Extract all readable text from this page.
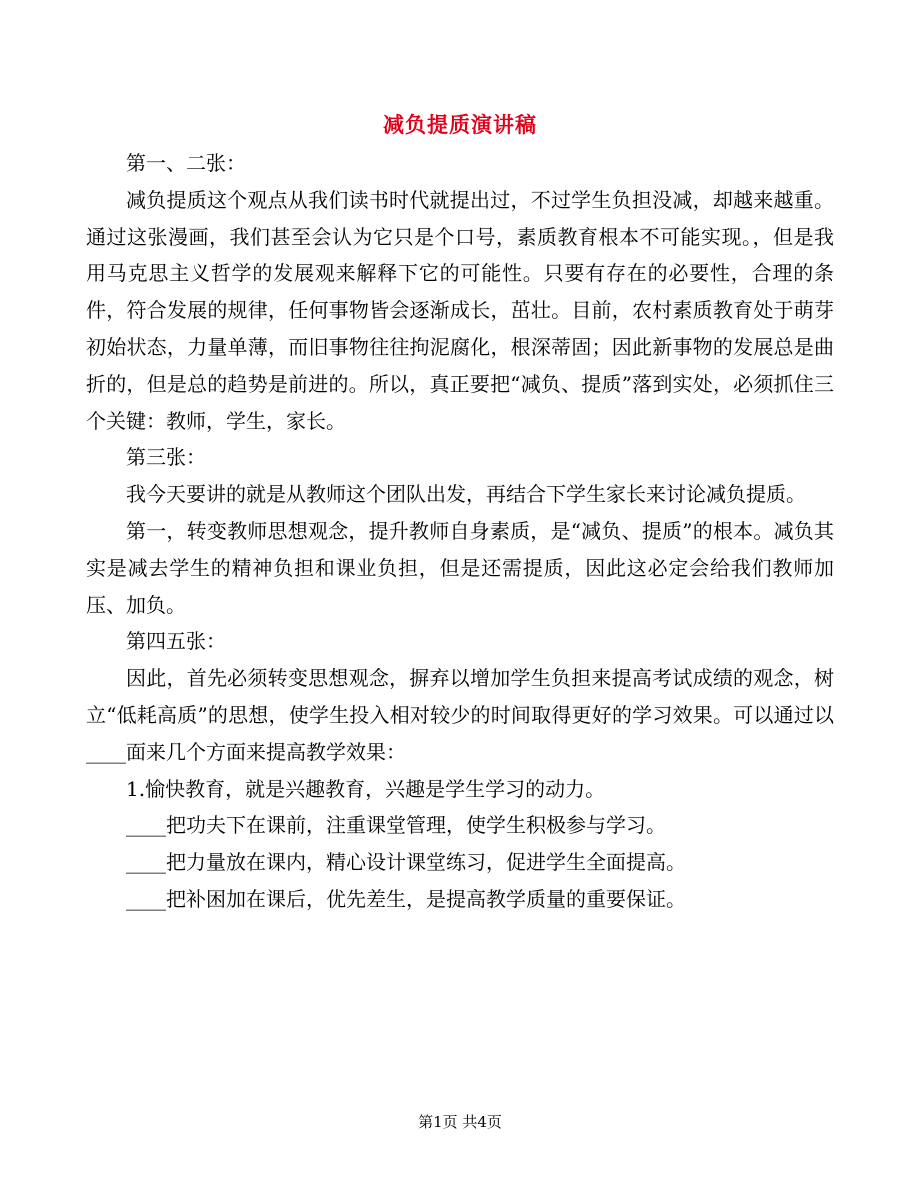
减负提质演讲稿

第一、二张：

减负提质这个观点从我们读书时代就提出过，不过学生负担没减，却越来越重。通过这张漫画，我们甚至会认为它只是个口号，素质教育根本不可能实现。，但是我用马克思主义哲学的发展观来解释下它的可能性。只要有存在的必要性，合理的条件，符合发展的规律，任何事物皆会逐渐成长，茁壮。目前，农村素质教育处于萌芽初始状态，力量单薄，而旧事物往往拘泥腐化，根深蒂固；因此新事物的发展总是曲折的，但是总的趋势是前进的。所以，真正要把“减负、提质”落到实处，必须抓住三个关键：教师，学生，家长。

第三张：

我今天要讲的就是从教师这个团队出发，再结合下学生家长来讨论减负提质。

第一，转变教师思想观念，提升教师自身素质，是“减负、提质”的根本。减负其实是减去学生的精神负担和课业负担，但是还需提质，因此这必定会给我们教师加压、加负。

第四五张：

因此，首先必须转变思想观念，摒弃以增加学生负担来提高考试成绩的观念，树立“低耗高质”的思想，使学生投入相对较少的时间取得更好的学习效果。可以通过以____面来几个方面来提高教学效果：

1.愉快教育，就是兴趣教育，兴趣是学生学习的动力。

____把功夫下在课前，注重课堂管理，使学生积极参与学习。

____把力量放在课内，精心设计课堂练习，促进学生全面提高。

____把补困加在课后，优先差生，是提高教学质量的重要保证。

第1页 共4页
